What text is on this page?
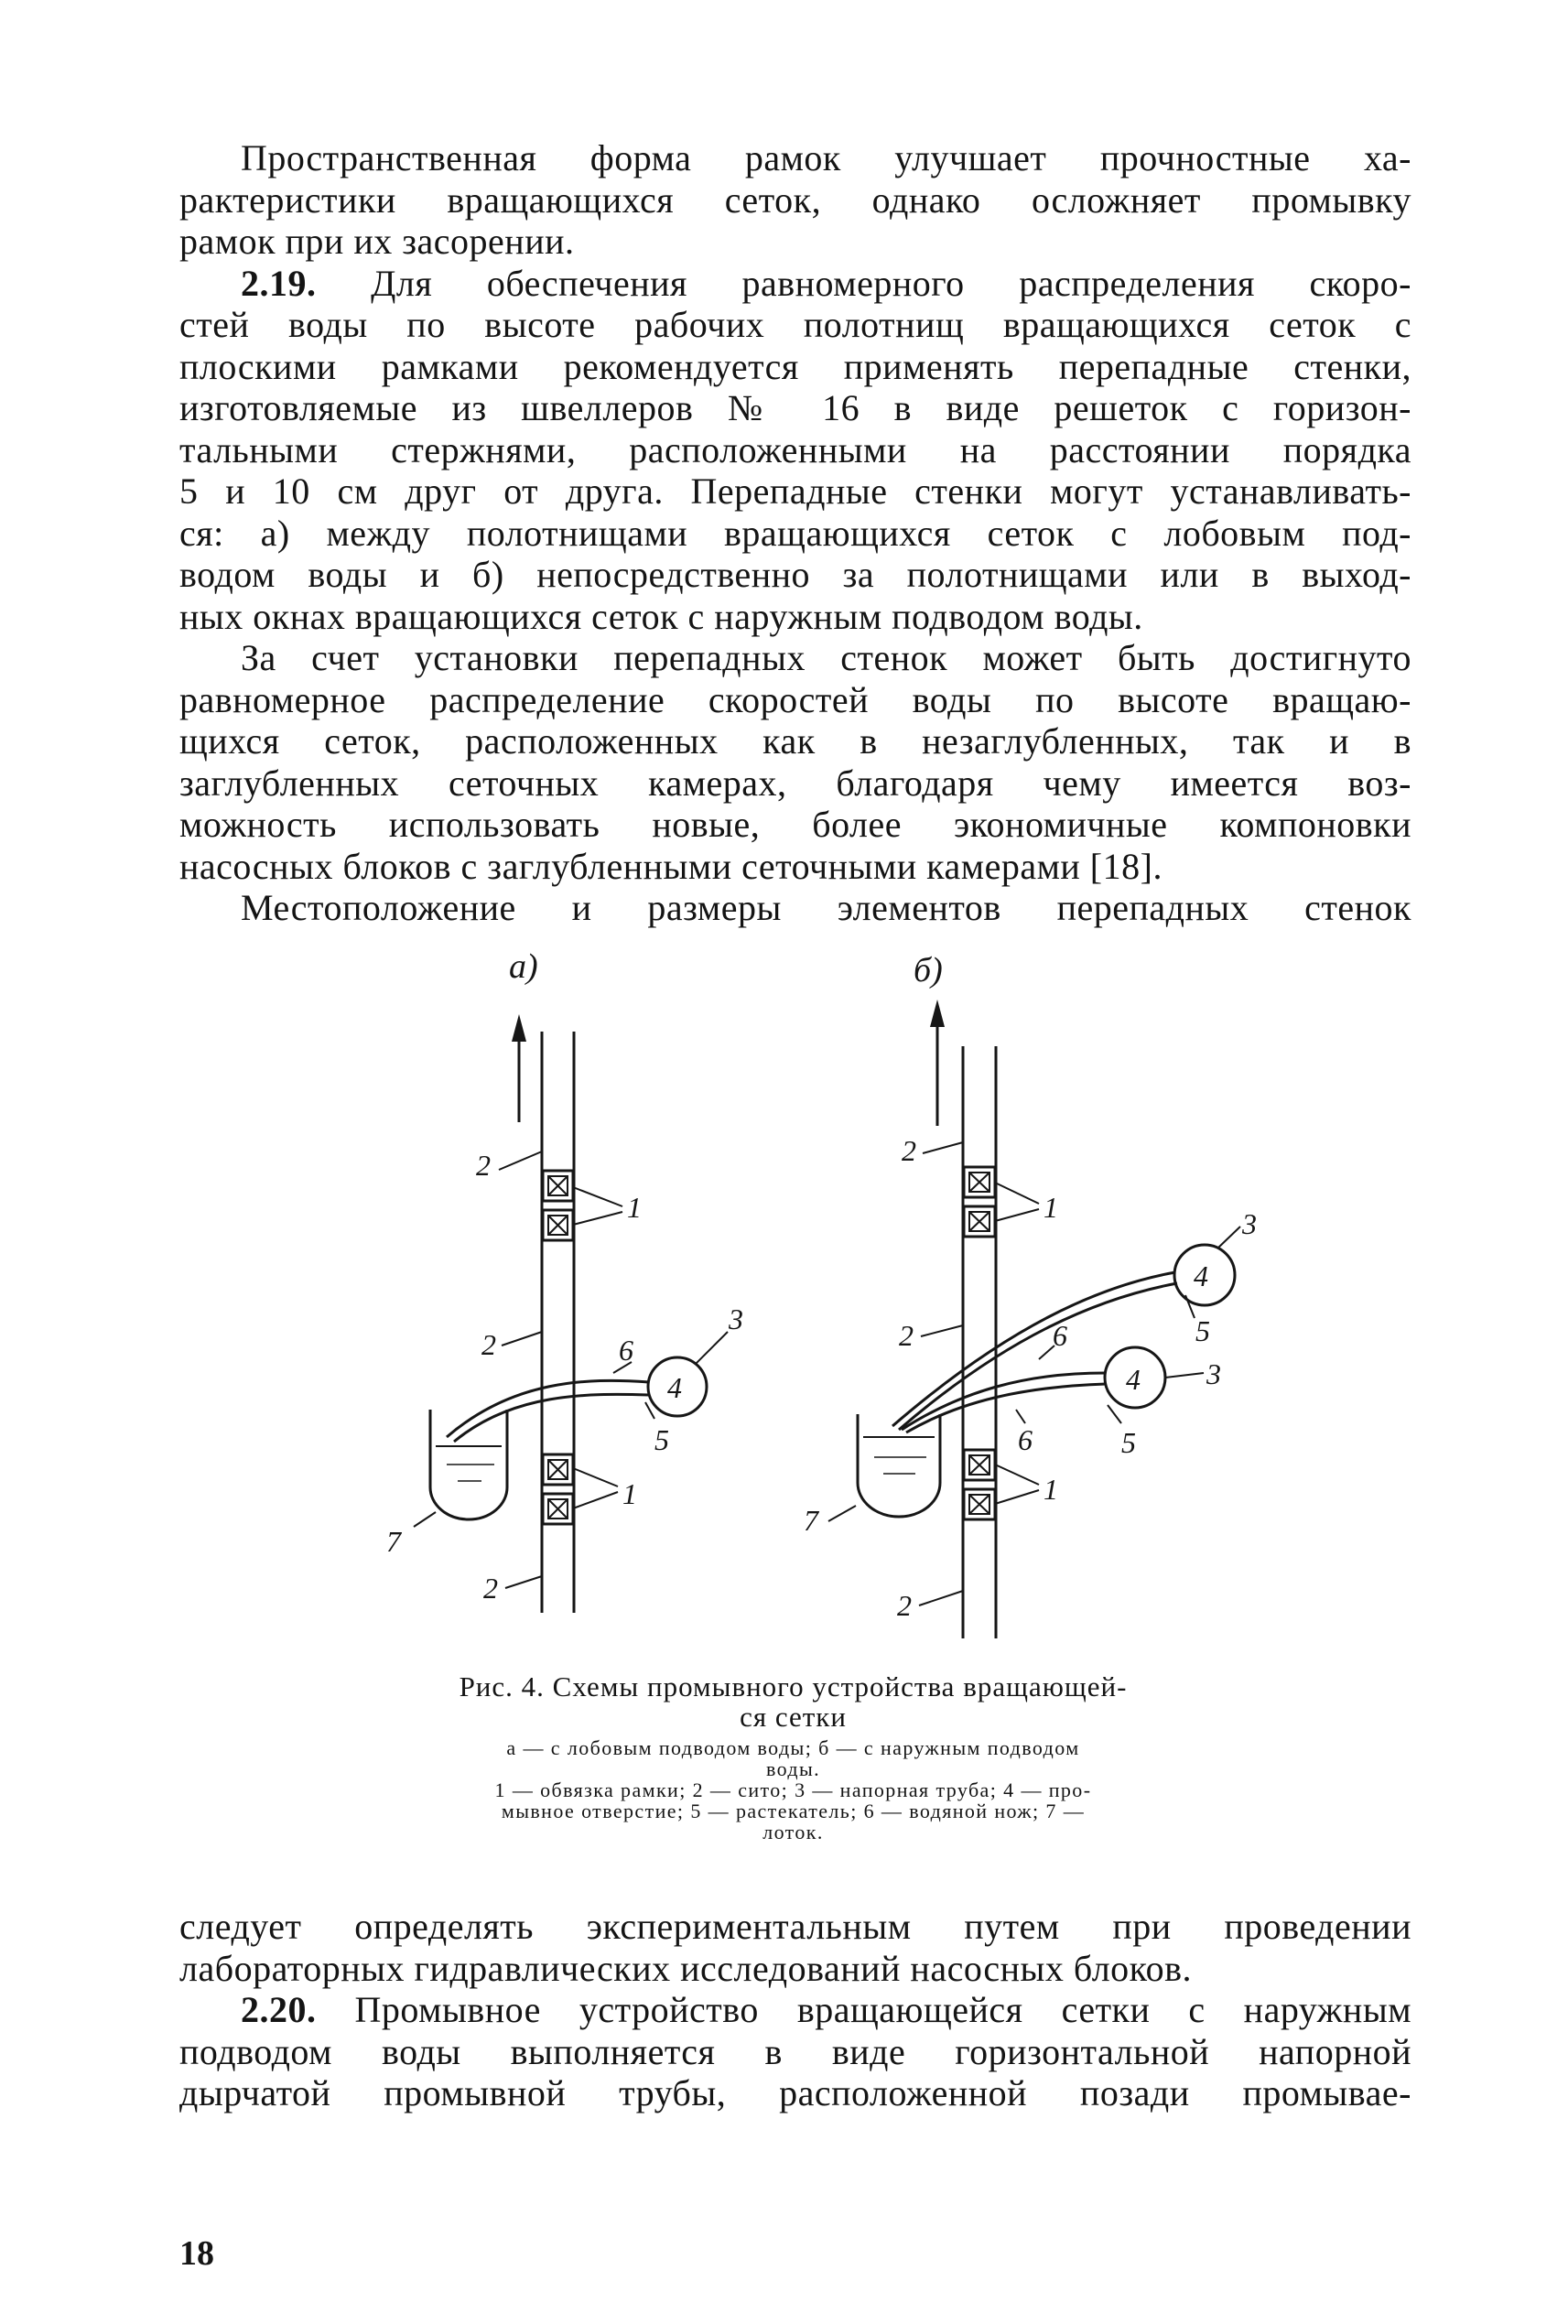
Пространственная форма рамок улучшает прочностные ха-
рактеристики вращающихся сеток, однако осложняет промывку
рамок при их засорении.
2.19. Для обеспечения равномерного распределения скоро-
стей воды по высоте рабочих полотнищ вращающихся сеток с
плоскими рамками рекомендуется применять перепадные стенки,
изготовляемые из швеллеров № 16 в виде решеток с горизон-
тальными стержнями, расположенными на расстоянии порядка
5 и 10 см друг от друга. Перепадные стенки могут устанавливать-
ся: а) между полотнищами вращающихся сеток с лобовым под-
водом воды и б) непосредственно за полотнищами или в выход-
ных окнах вращающихся сеток с наружным подводом воды.
За счет установки перепадных стенок может быть достигнуто
равномерное распределение скоростей воды по высоте вращаю-
щихся сеток, расположенных как в незаглубленных, так и в
заглубленных сеточных камерах, благодаря чему имеется воз-
можность использовать новые, более экономичные компоновки
насосных блоков с заглубленными сеточными камерами [18].
Местоположение и размеры элементов перепадных стенок
а)
1
1
2
2
2
4
3
6
5
7
б)
1
1
2
2
2
4
3
5
6
4 3
5
6
7
Рис. 4. Схемы промывного устройства вращающей-
ся сетки
а — с лобовым подводом воды; б — с наружным подводом
воды.
1 — обвязка рамки; 2 — сито; 3 — напорная труба; 4 — про-
мывное отверстие; 5 — растекатель; 6 — водяной нож; 7 —
лоток.
следует определять экспериментальным путем при проведении
лабораторных гидравлических исследований насосных блоков.
2.20. Промывное устройство вращающейся сетки с наружным
подводом воды выполняется в виде горизонтальной напорной
дырчатой промывной трубы, расположенной позади промывае-
18
